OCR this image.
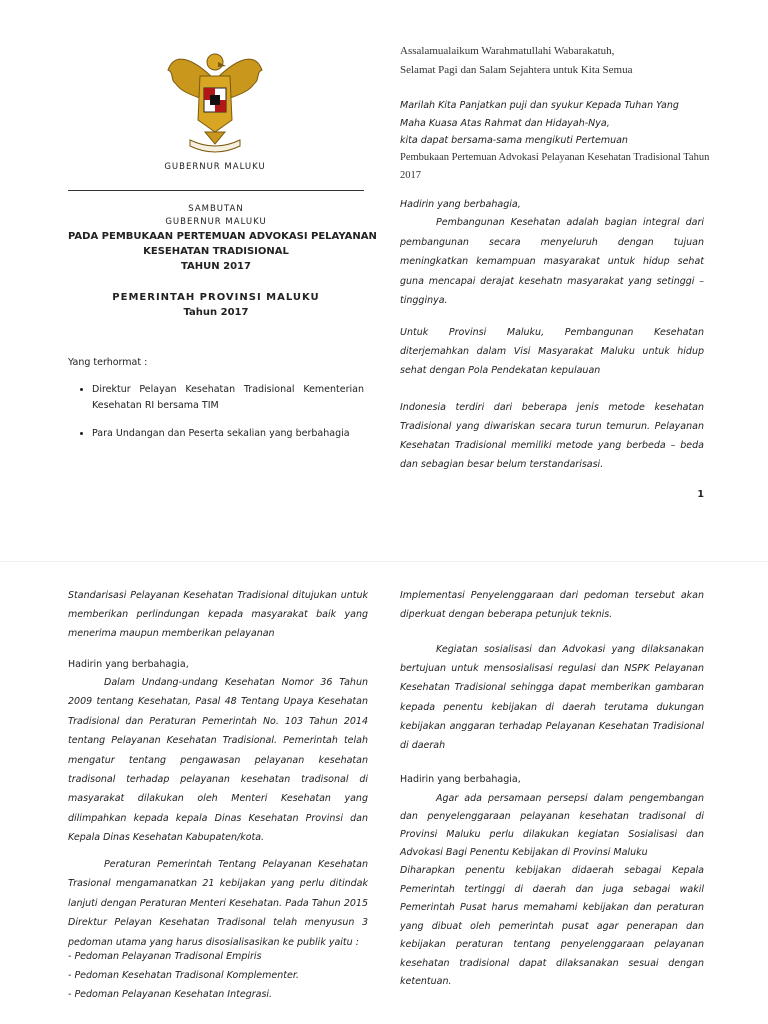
GUBERNUR MALUKU
SAMBUTAN
GUBERNUR MALUKU
PADA PEMBUKAAN PERTEMUAN ADVOKASI PELAYANAN
KESEHATAN TRADISIONAL
TAHUN 2017
PEMERINTAH PROVINSI MALUKU
Tahun 2017
Yang terhormat :
• Direktur Pelayan Kesehatan Tradisional Kementerian Kesehatan RI bersama TIM
• Para Undangan dan Peserta sekalian yang berbahagia
Assalamualaikum Warahmatullahi Wabarakatuh,
Selamat Pagi dan Salam Sejahtera untuk Kita Semua
Marilah Kita Panjatkan puji dan syukur Kepada Tuhan Yang
Maha Kuasa Atas Rahmat dan Hidayah-Nya,
kita dapat bersama-sama mengikuti Pertemuan
Pembukaan Pertemuan Advokasi Pelayanan Kesehatan Tradisional Tahun 2017
Hadirin yang berbahagia,
Pembangunan Kesehatan adalah bagian integral dari pembangunan secara menyeluruh dengan tujuan meningkatkan kemampuan masyarakat untuk hidup sehat guna mencapai derajat kesehatn masyarakat yang setinggi – tingginya.
Untuk Provinsi Maluku, Pembangunan Kesehatan diterjemahkan dalam Visi Masyarakat Maluku untuk hidup sehat dengan Pola Pendekatan kepulauan
Indonesia terdiri dari beberapa jenis metode kesehatan Tradisional yang diwariskan secara turun temurun. Pelayanan Kesehatan Tradisional memiliki metode yang berbeda – beda dan sebagian besar belum terstandarisasi.
1
Standarisasi Pelayanan Kesehatan Tradisional ditujukan untuk memberikan perlindungan kepada masyarakat baik yang menerima maupun memberikan pelayanan
Hadirin yang berbahagia,
Dalam Undang-undang Kesehatan Nomor 36 Tahun 2009 tentang Kesehatan, Pasal 48 Tentang Upaya Kesehatan Tradisional dan Peraturan Pemerintah No. 103 Tahun 2014 tentang Pelayanan Kesehatan Tradisional. Pemerintah telah mengatur tentang pengawasan pelayanan kesehatan tradisonal terhadap pelayanan kesehatan tradisonal di masyarakat dilakukan oleh Menteri Kesehatan yang dilimpahkan kepada kepala Dinas Kesehatan Provinsi dan Kepala Dinas Kesehatan Kabupaten/kota.
Peraturan Pemerintah Tentang Pelayanan Kesehatan Trasional mengamanatkan 21 kebijakan yang perlu ditindak lanjuti dengan Peraturan Menteri Kesehatan. Pada Tahun 2015 Direktur Pelayan Kesehatan Tradisonal telah menyusun 3 pedoman utama yang harus disosialisasikan ke publik yaitu :
- Pedoman Pelayanan Tradisonal Empiris
- Pedoman Kesehatan Tradisonal Komplementer.
- Pedoman Pelayanan Kesehatan Integrasi.
Implementasi Penyelenggaraan dari pedoman tersebut akan diperkuat dengan beberapa petunjuk teknis.
Kegiatan sosialisasi dan Advokasi yang dilaksanakan bertujuan untuk mensosialisasi regulasi dan NSPK Pelayanan Kesehatan Tradisional sehingga dapat memberikan gambaran kepada penentu kebijakan di daerah terutama dukungan kebijakan anggaran terhadap Pelayanan Kesehatan Tradisional di daerah
Hadirin yang berbahagia,
Agar ada persamaan persepsi dalam pengembangan dan penyelenggaraan pelayanan kesehatan tradisonal di Provinsi Maluku perlu dilakukan kegiatan Sosialisasi dan Advokasi Bagi Penentu Kebijakan di Provinsi Maluku
Diharapkan penentu kebijakan didaerah sebagai Kepala Pemerintah tertinggi di daerah dan juga sebagai wakil Pemerintah Pusat harus memahami kebijakan dan peraturan yang dibuat oleh pemerintah pusat agar penerapan dan kebijakan peraturan tentang penyelenggaraan pelayanan kesehatan tradisional dapat dilaksanakan sesuai dengan ketentuan.
